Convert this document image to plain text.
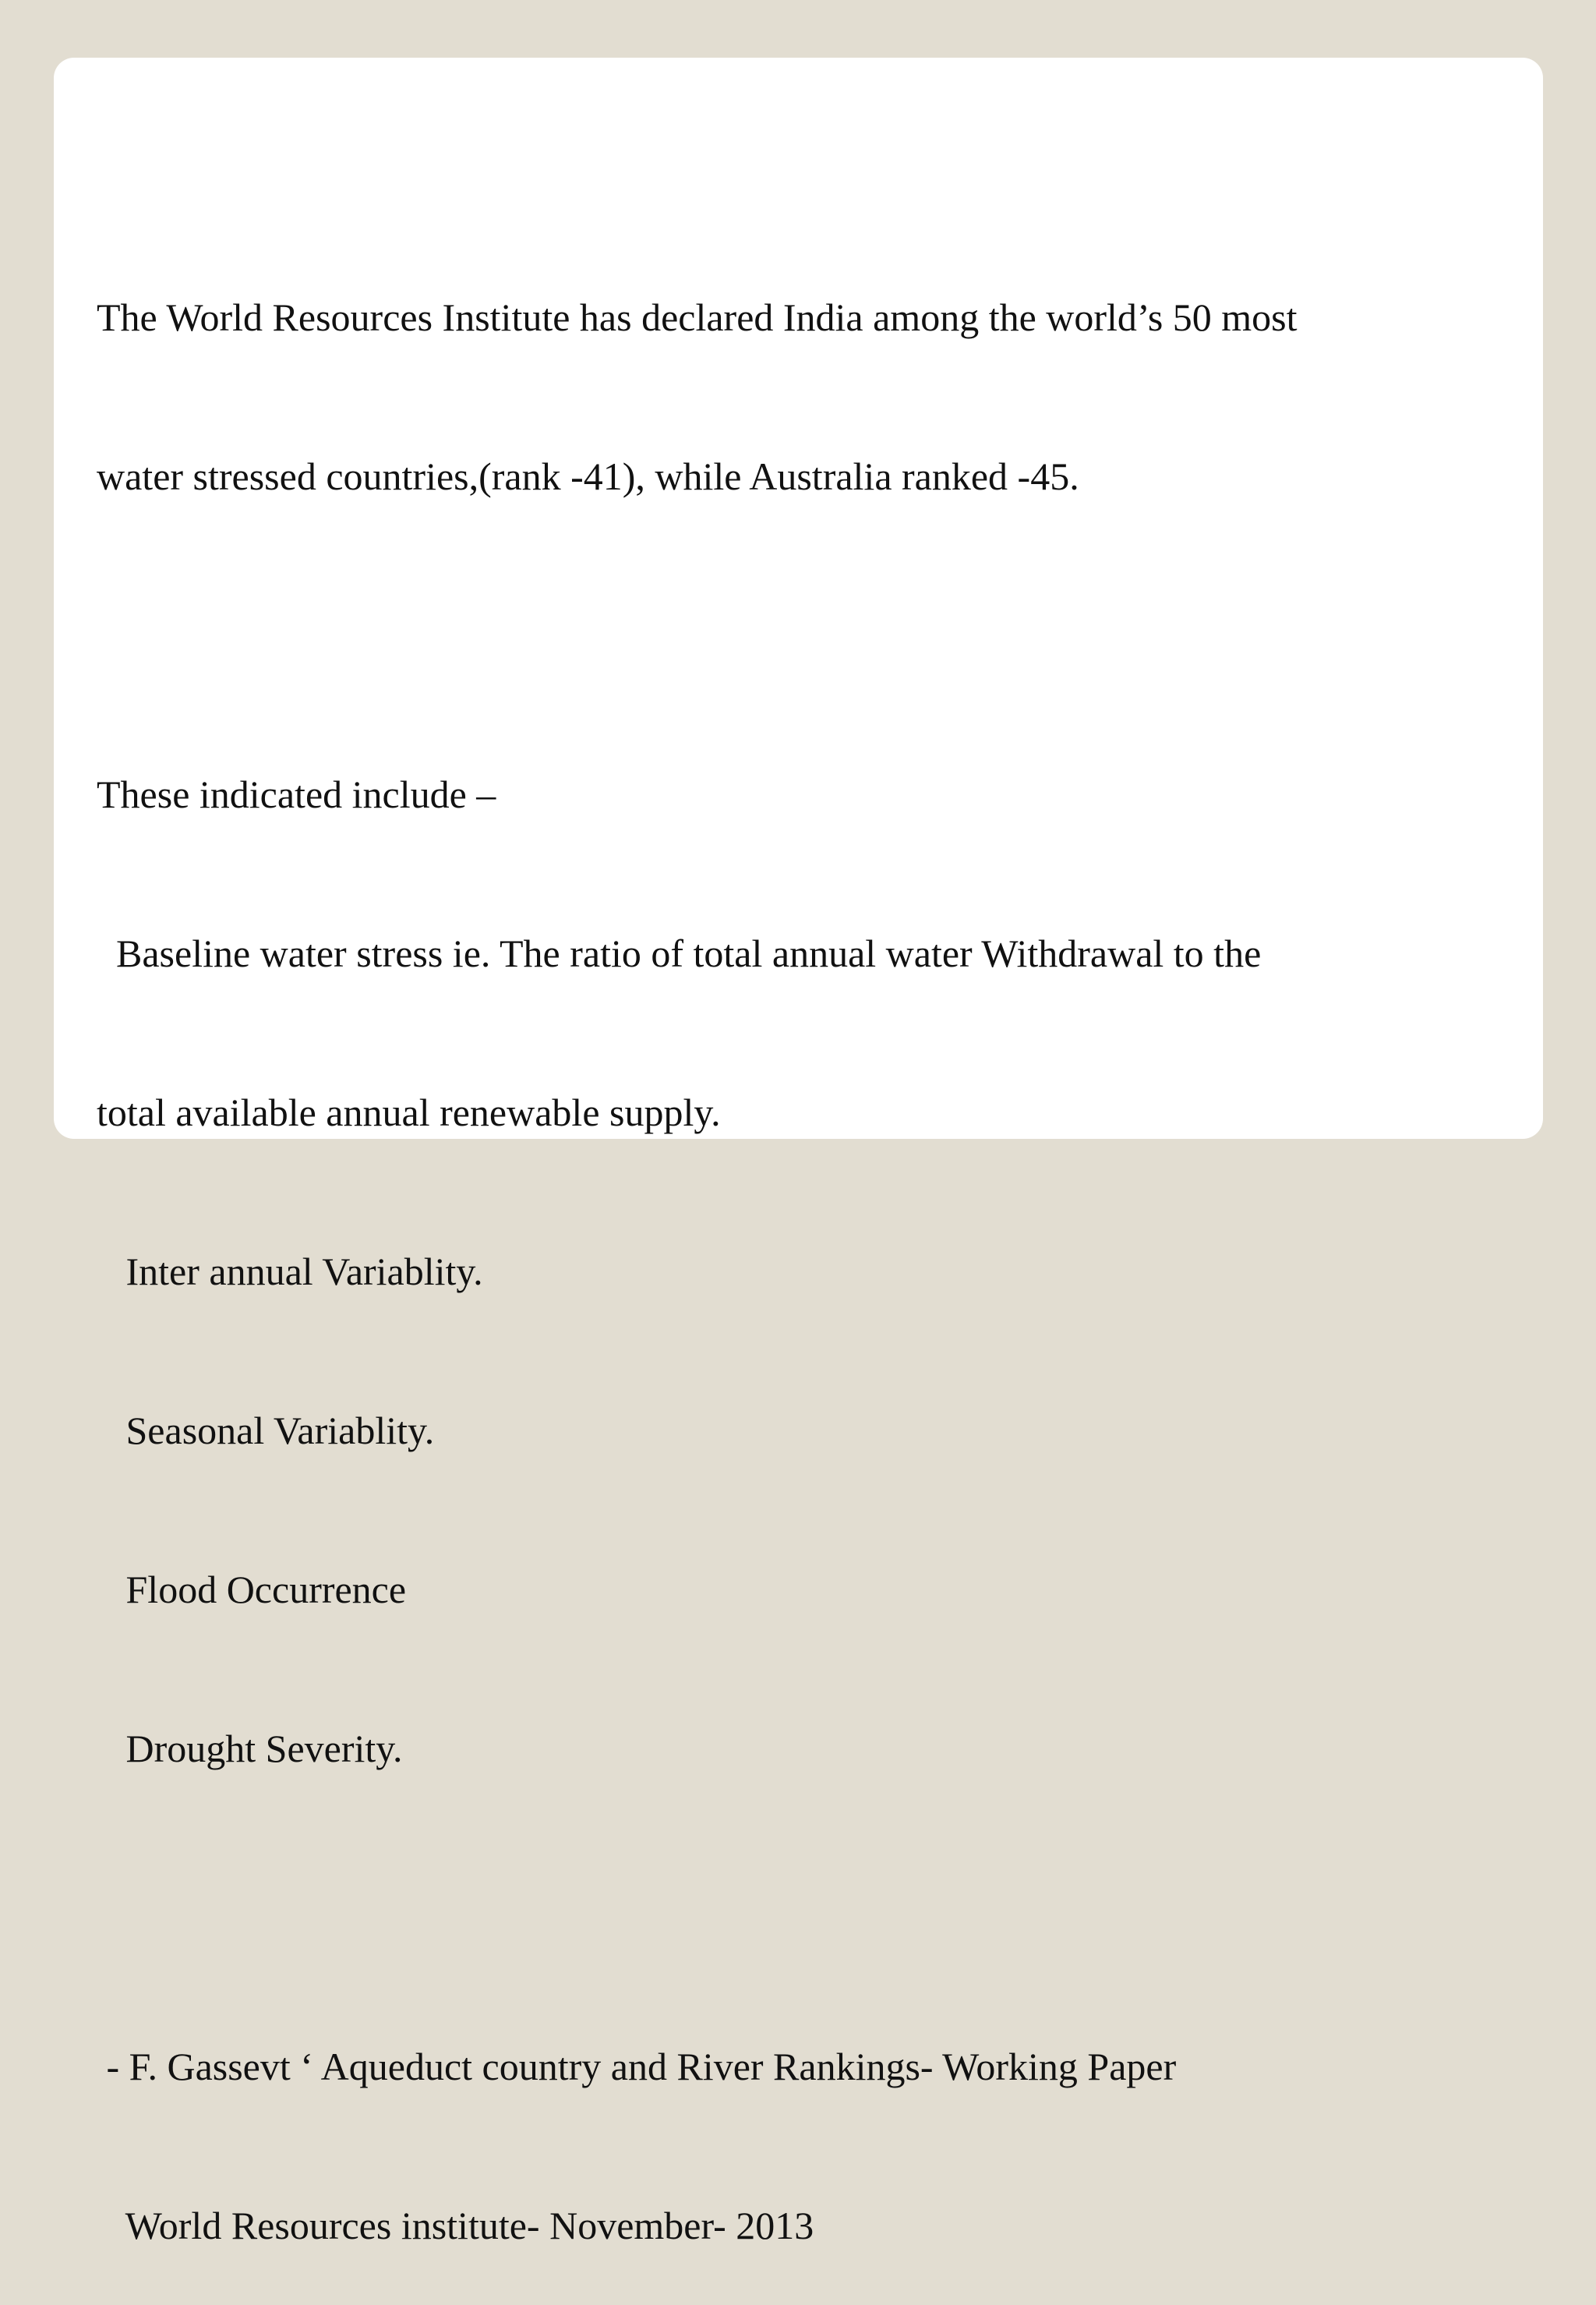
The World Resources Institute has declared India among the world’s 50 most

water stressed countries,(rank -41), while Australia ranked -45.

These indicated include –

Baseline water stress ie. The ratio of total annual water Withdrawal to the

total available annual renewable supply.

Inter annual Variablity.

Seasonal Variablity.

Flood Occurrence

Drought Severity.

- F. Gassevt ‘ Aqueduct country and River Rankings- Working Paper

World Resources institute- November- 2013
